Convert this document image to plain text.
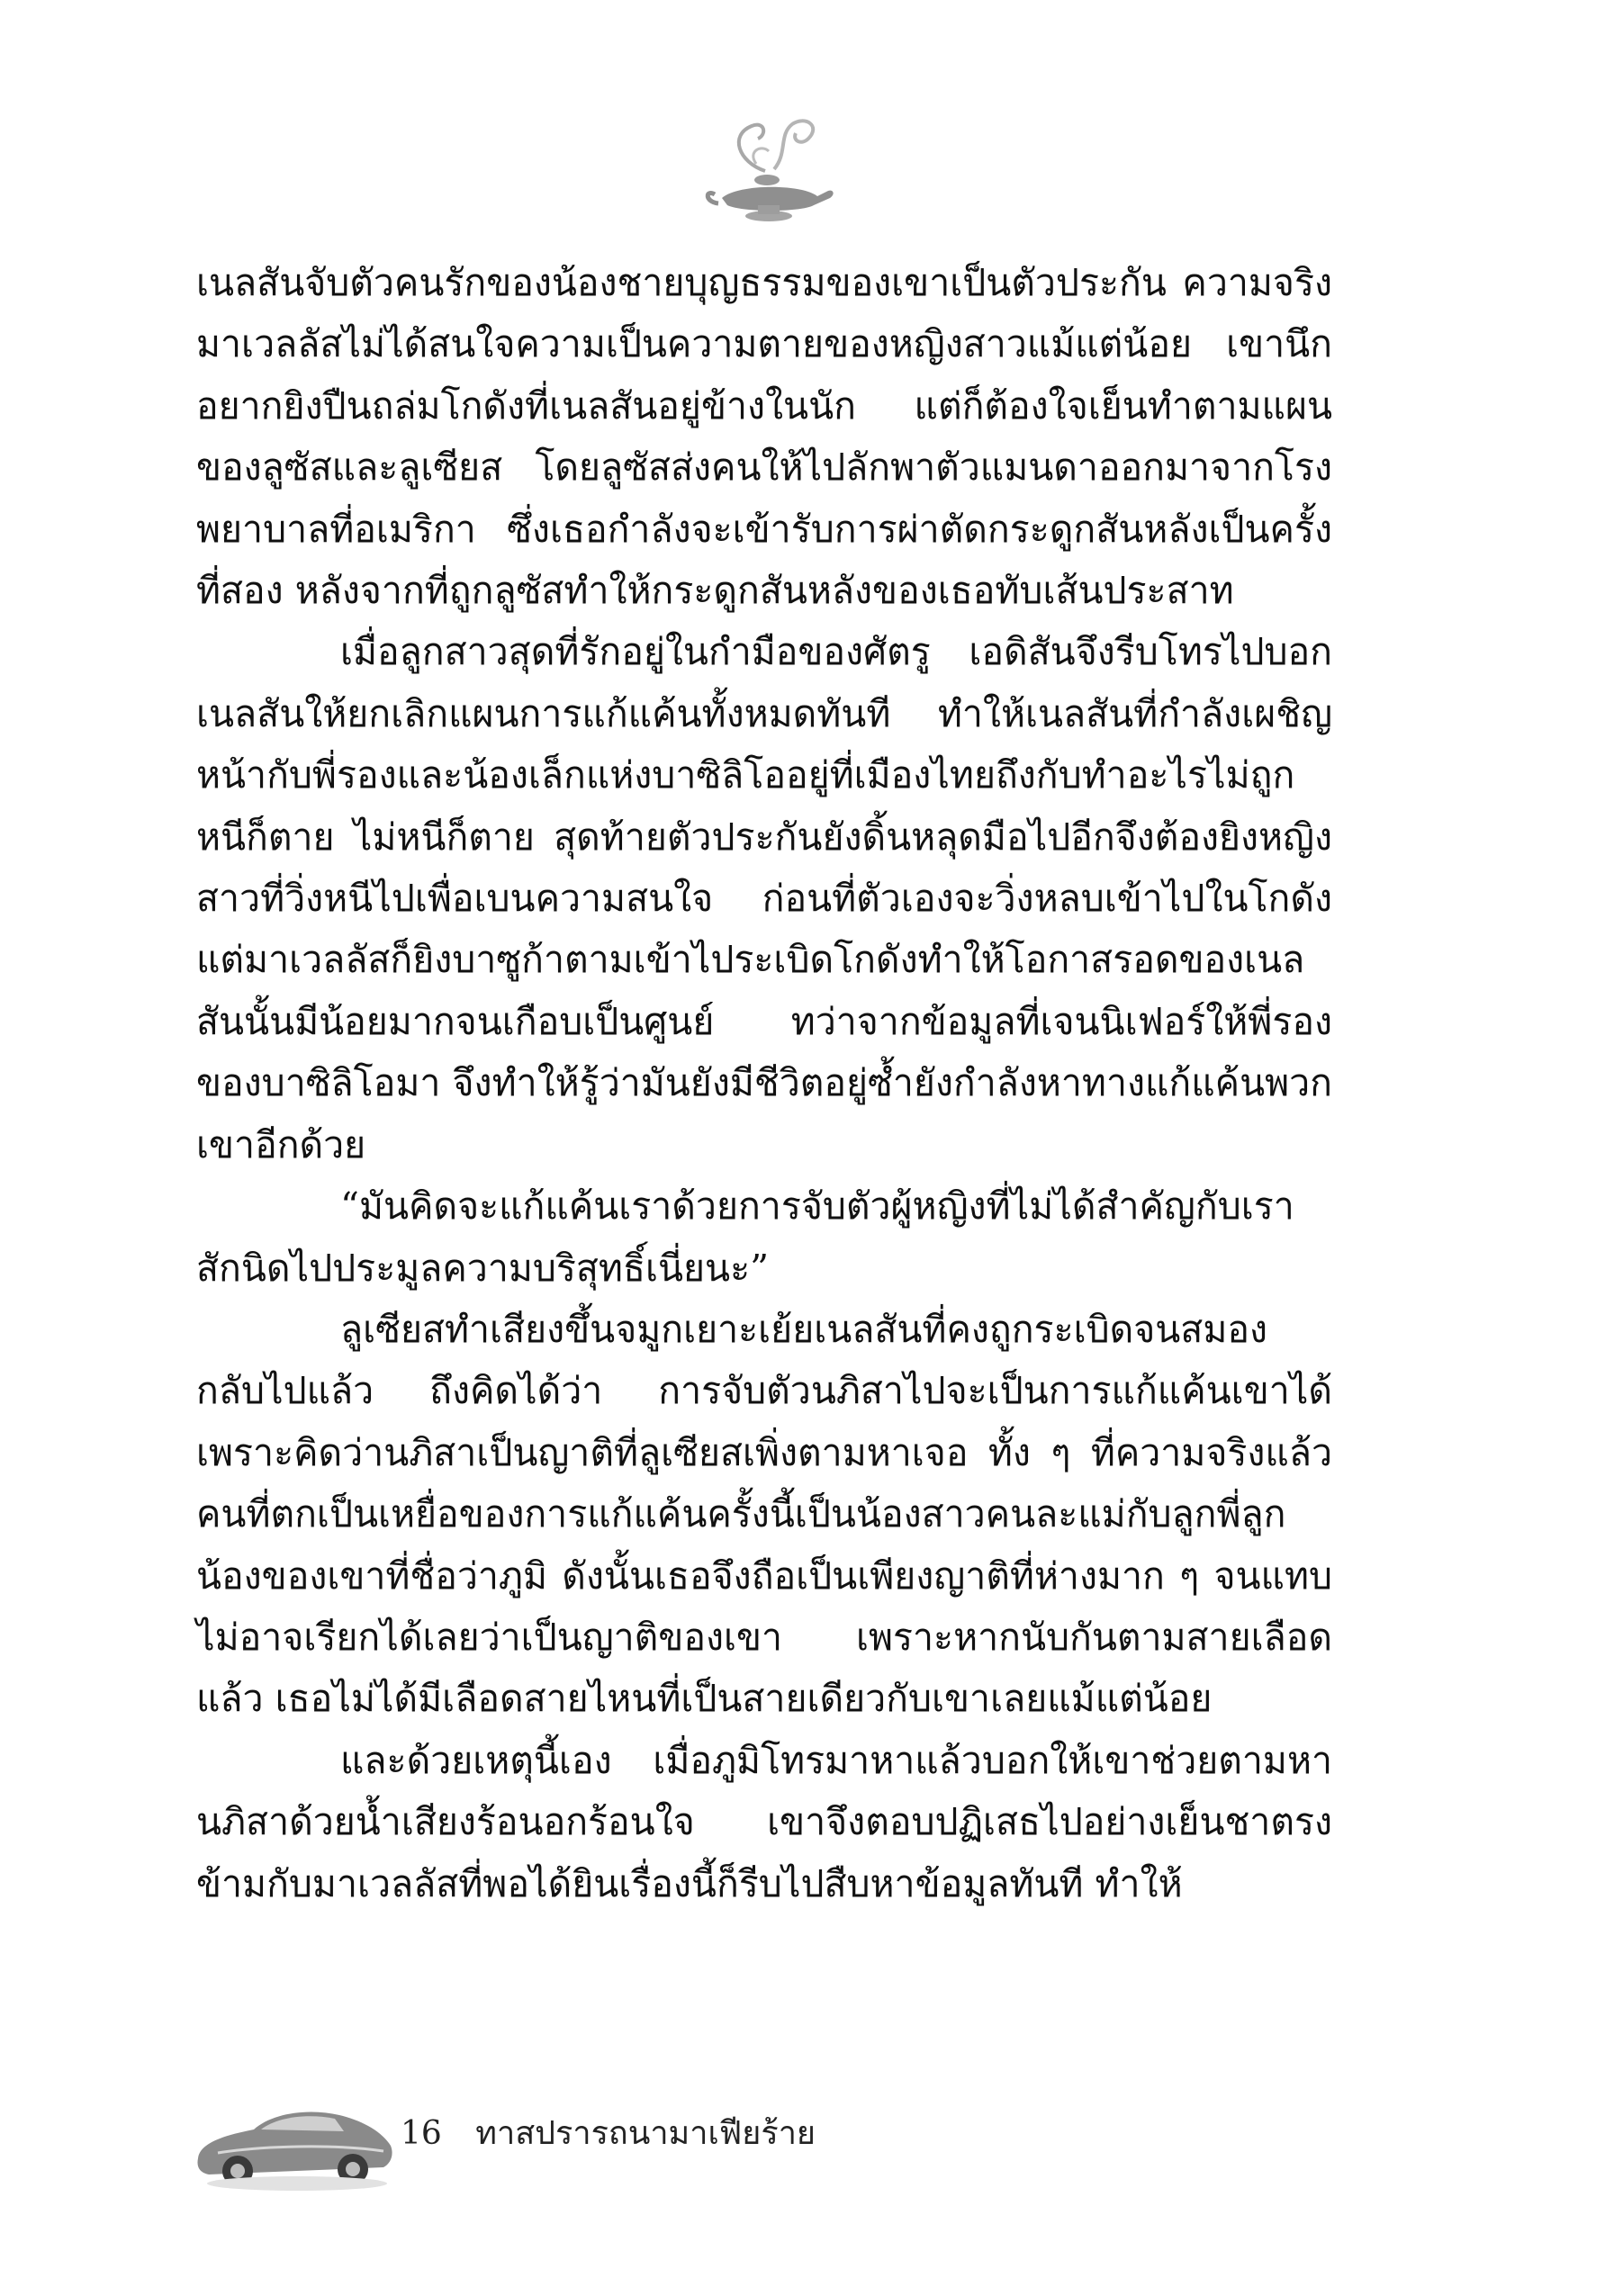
เนลสันจับตัวคนรักของน้องชายบุญธรรมของเขาเป็นตัวประกัน ความจริงมาเวลลัสไม่ได้สนใจความเป็นความตายของหญิงสาวแม้แต่น้อย เขานึกอยากยิงปืนถล่มโกดังที่เนลสันอยู่ข้างในนัก แต่ก็ต้องใจเย็นทำตามแผนของลูซัสและลูเซียส โดยลูซัสส่งคนให้ไปลักพาตัวแมนดาออกมาจากโรงพยาบาลที่อเมริกา ซึ่งเธอกำลังจะเข้ารับการผ่าตัดกระดูกสันหลังเป็นครั้งที่สอง หลังจากที่ถูกลูซัสทำให้กระดูกสันหลังของเธอทับเส้นประสาท

เมื่อลูกสาวสุดที่รักอยู่ในกำมือของศัตรู เอดิสันจึงรีบโทรไปบอกเนลสันให้ยกเลิกแผนการแก้แค้นทั้งหมดทันที ทำให้เนลสันที่กำลังเผชิญหน้ากับพี่รองและน้องเล็กแห่งบาซิลิโออยู่ที่เมืองไทยถึงกับทำอะไรไม่ถูก หนีก็ตาย ไม่หนีก็ตาย สุดท้ายตัวประกันยังดิ้นหลุดมือไปอีกจึงต้องยิงหญิงสาวที่วิ่งหนีไปเพื่อเบนความสนใจ ก่อนที่ตัวเองจะวิ่งหลบเข้าไปในโกดัง แต่มาเวลลัสก็ยิงบาซูก้าตามเข้าไประเบิดโกดังทำให้โอกาสรอดของเนลสันนั้นมีน้อยมากจนเกือบเป็นศูนย์ ทว่าจากข้อมูลที่เจนนิเฟอร์ให้พี่รองของบาซิลิโอมา จึงทำให้รู้ว่ามันยังมีชีวิตอยู่ซ้ำยังกำลังหาทางแก้แค้นพวกเขาอีกด้วย

“มันคิดจะแก้แค้นเราด้วยการจับตัวผู้หญิงที่ไม่ได้สำคัญกับเราสักนิดไปประมูลความบริสุทธิ์เนี่ยนะ”

ลูเซียสทำเสียงขึ้นจมูกเยาะเย้ยเนลสันที่คงถูกระเบิดจนสมองกลับไปแล้ว ถึงคิดได้ว่า การจับตัวนภิสาไปจะเป็นการแก้แค้นเขาได้ เพราะคิดว่านภิสาเป็นญาติที่ลูเซียสเพิ่งตามหาเจอ ทั้ง ๆ ที่ความจริงแล้วคนที่ตกเป็นเหยื่อของการแก้แค้นครั้งนี้เป็นน้องสาวคนละแม่กับลูกพี่ลูกน้องของเขาที่ชื่อว่าภูมิ ดังนั้นเธอจึงถือเป็นเพียงญาติที่ห่างมาก ๆ จนแทบไม่อาจเรียกได้เลยว่าเป็นญาติของเขา เพราะหากนับกันตามสายเลือดแล้ว เธอไม่ได้มีเลือดสายไหนที่เป็นสายเดียวกับเขาเลยแม้แต่น้อย

และด้วยเหตุนี้เอง เมื่อภูมิโทรมาหาแล้วบอกให้เขาช่วยตามหานภิสาด้วยน้ำเสียงร้อนอกร้อนใจ เขาจึงตอบปฏิเสธไปอย่างเย็นชาตรงข้ามกับมาเวลลัสที่พอได้ยินเรื่องนี้ก็รีบไปสืบหาข้อมูลทันที ทำให้

16 ทาสปรารถนามาเฟียร้าย
